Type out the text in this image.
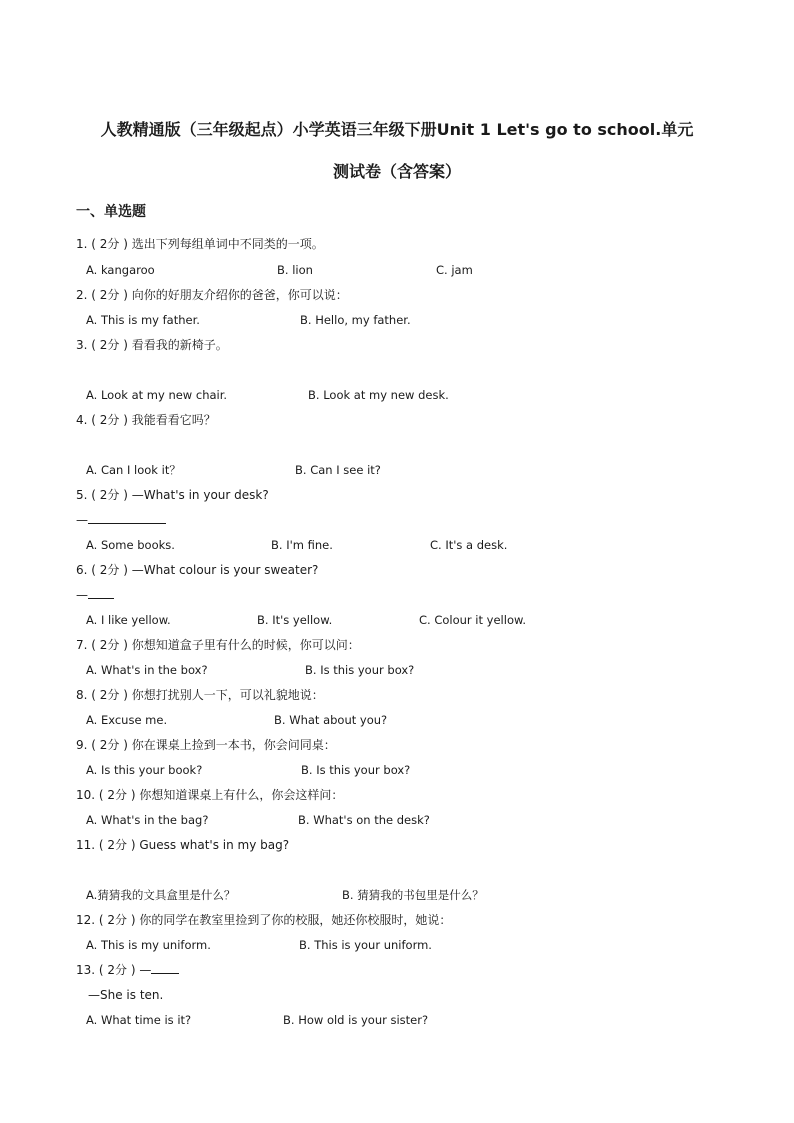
人教精通版（三年级起点）小学英语三年级下册Unit 1 Let's go to school.单元

测试卷（含答案）

一、单选题

1. ( 2分 ) 选出下列每组单词中不同类的一项。
A. kangaroo	B. lion	C. jam
2. ( 2分 ) 向你的好朋友介绍你的爸爸，你可以说：
A. This is my father.	B. Hello, my father.
3. ( 2分 ) 看看我的新椅子。
A. Look at my new chair.	B. Look at my new desk.
4. ( 2分 ) 我能看看它吗？
A. Can I look it？	B. Can I see it?
5. ( 2分 ) —What's in your desk?
—
A. Some books.	B. I'm fine.	C. It's a desk.
6. ( 2分 ) —What colour is your sweater?
—
A. I like yellow.	B. It's yellow.	C. Colour it yellow.
7. ( 2分 ) 你想知道盒子里有什么的时候，你可以问：
A. What's in the box?	B. Is this your box?
8. ( 2分 ) 你想打扰别人一下，可以礼貌地说：
A. Excuse me.	B. What about you?
9. ( 2分 ) 你在课桌上捡到一本书，你会问同桌：
A. Is this your book?	B. Is this your box?
10. ( 2分 ) 你想知道课桌上有什么，你会这样问：
A. What's in the bag?	B. What's on the desk?
11. ( 2分 ) Guess what's in my bag?
A.猜猜我的文具盒里是什么？	B. 猜猜我的书包里是什么？
12. ( 2分 ) 你的同学在教室里捡到了你的校服，她还你校服时，她说：
A. This is my uniform.	B. This is your uniform.
13. ( 2分 ) —
—She is ten.
A. What time is it?	B. How old is your sister?
